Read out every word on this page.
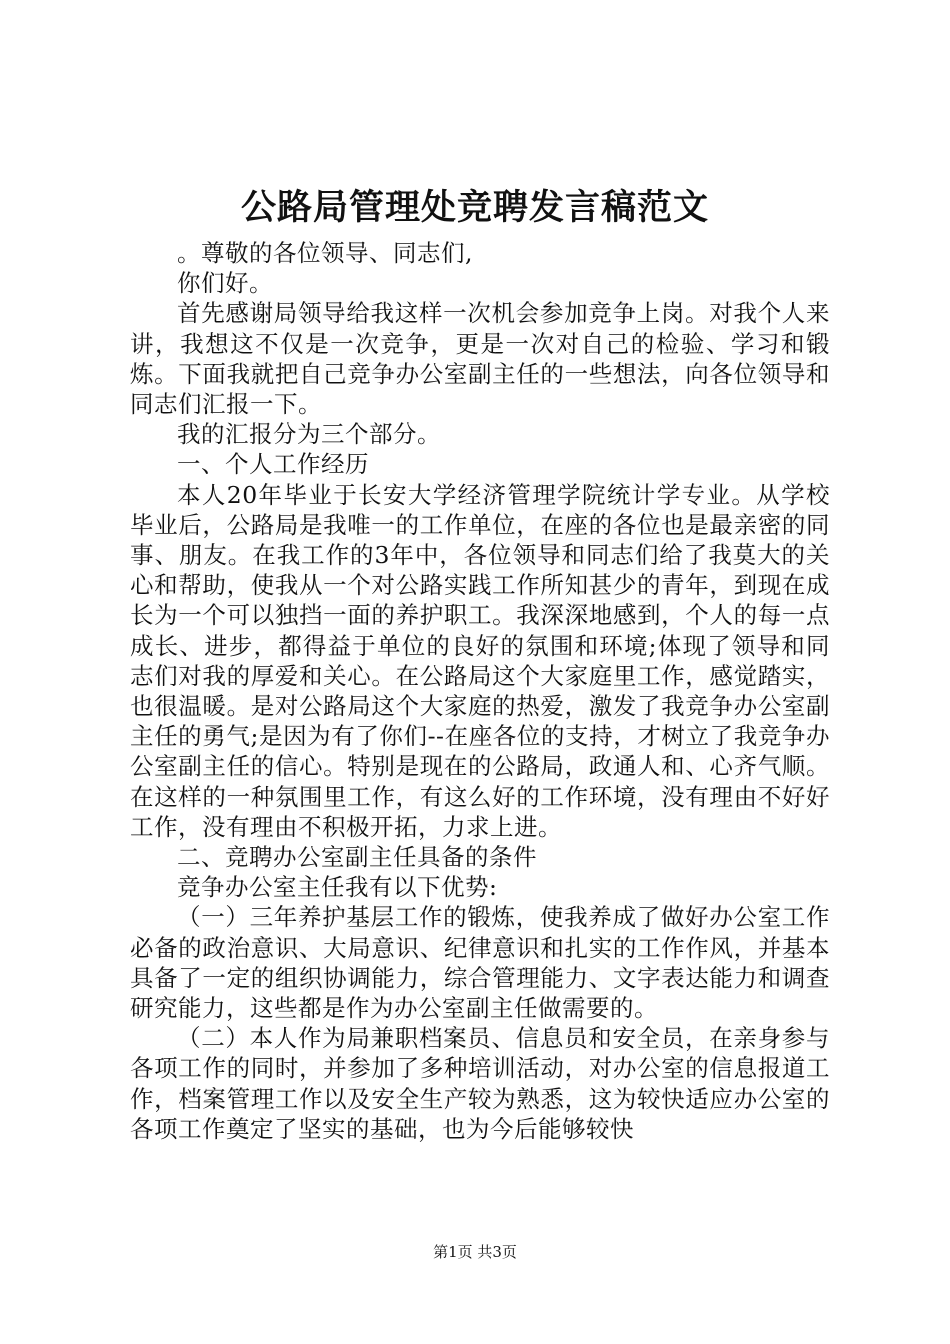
公路局管理处竞聘发言稿范文

。尊敬的各位领导、同志们,

你们好。

首先感谢局领导给我这样一次机会参加竞争上岗。对我个人来讲，我想这不仅是一次竞争，更是一次对自己的检验、学习和锻炼。下面我就把自己竞争办公室副主任的一些想法，向各位领导和同志们汇报一下。

我的汇报分为三个部分。

一、个人工作经历

本人20年毕业于长安大学经济管理学院统计学专业。从学校毕业后，公路局是我唯一的工作单位，在座的各位也是最亲密的同事、朋友。在我工作的3年中，各位领导和同志们给了我莫大的关心和帮助，使我从一个对公路实践工作所知甚少的青年，到现在成长为一个可以独挡一面的养护职工。我深深地感到，个人的每一点成长、进步，都得益于单位的良好的氛围和环境;体现了领导和同志们对我的厚爱和关心。在公路局这个大家庭里工作，感觉踏实，也很温暖。是对公路局这个大家庭的热爱，激发了我竞争办公室副主任的勇气;是因为有了你们--在座各位的支持，才树立了我竞争办公室副主任的信心。特别是现在的公路局，政通人和、心齐气顺。在这样的一种氛围里工作，有这么好的工作环境，没有理由不好好工作，没有理由不积极开拓，力求上进。

二、竞聘办公室副主任具备的条件

竞争办公室主任我有以下优势:

（一）三年养护基层工作的锻炼，使我养成了做好办公室工作必备的政治意识、大局意识、纪律意识和扎实的工作作风，并基本具备了一定的组织协调能力，综合管理能力、文字表达能力和调查研究能力，这些都是作为办公室副主任做需要的。

（二）本人作为局兼职档案员、信息员和安全员，在亲身参与各项工作的同时，并参加了多种培训活动，对办公室的信息报道工作，档案管理工作以及安全生产较为熟悉，这为较快适应办公室的各项工作奠定了坚实的基础，也为今后能够较快

第1页 共3页
